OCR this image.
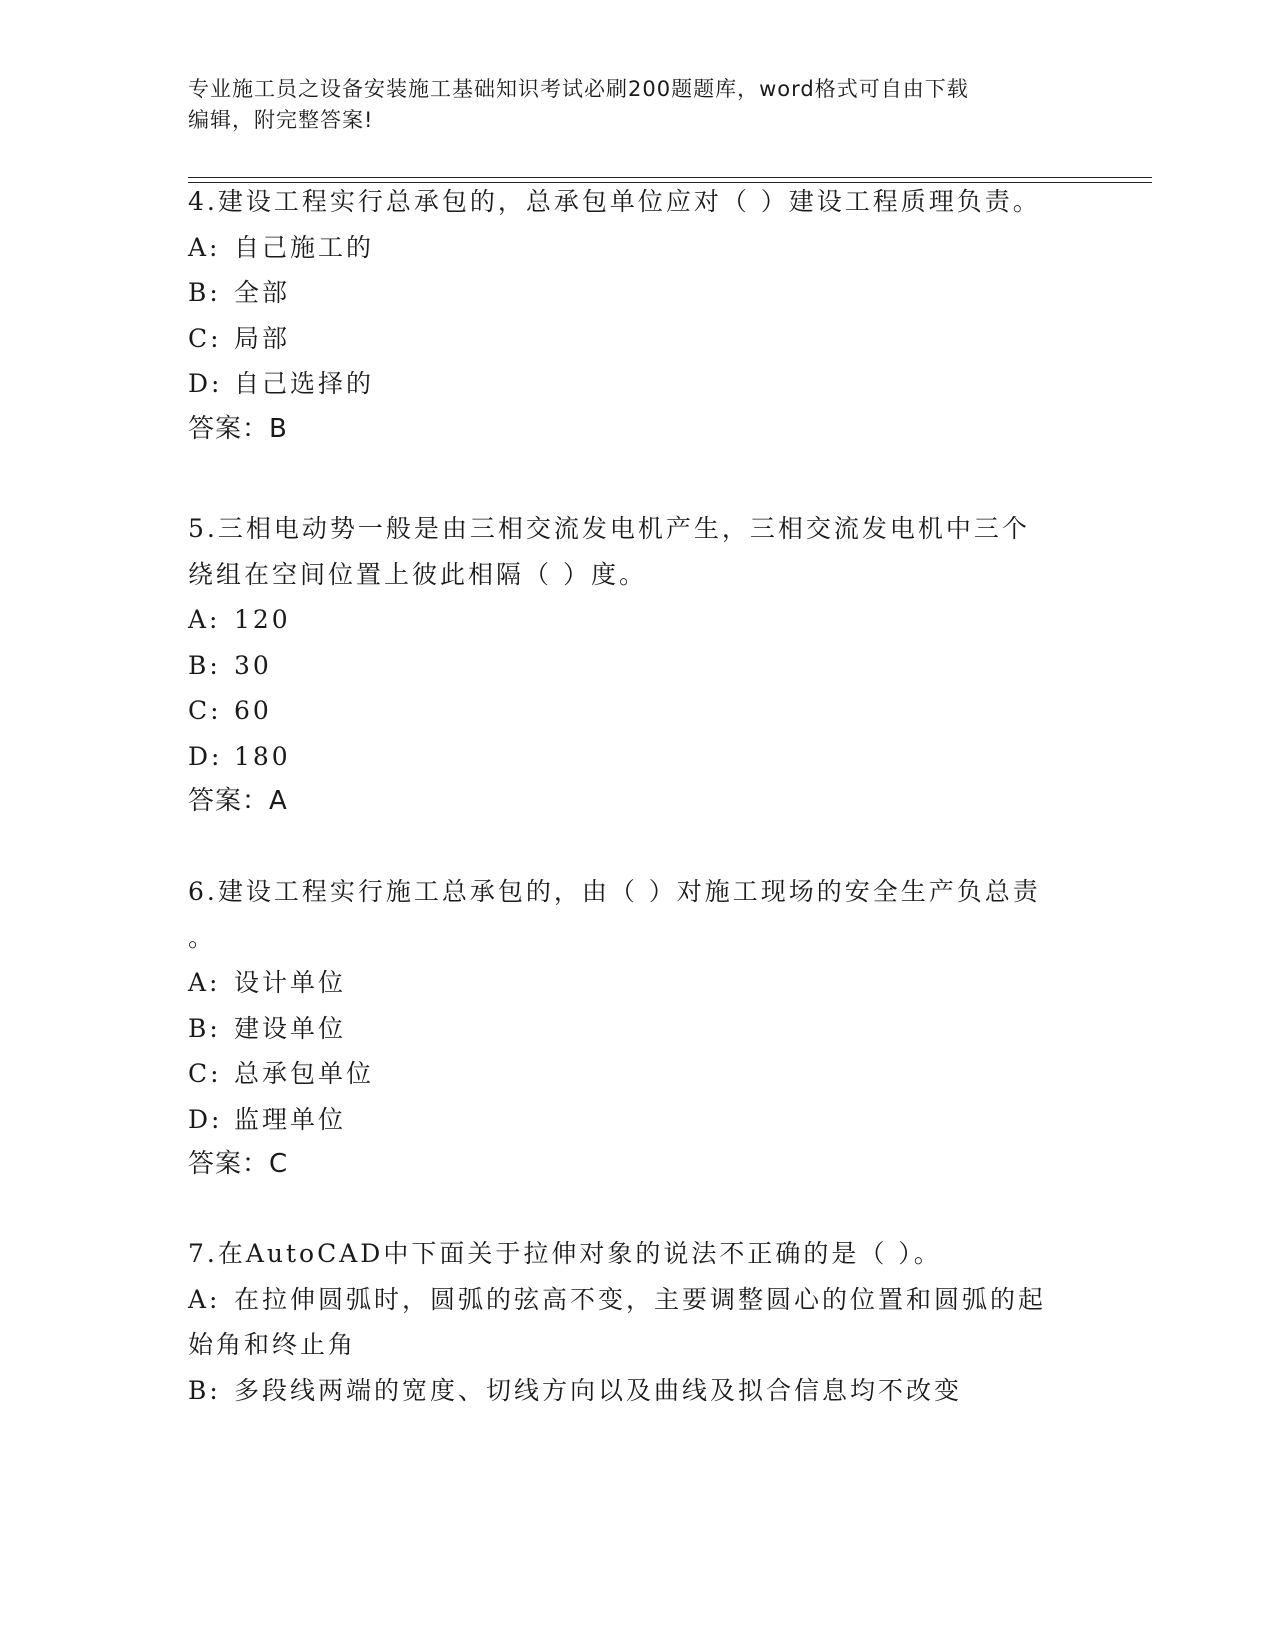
专业施工员之设备安装施工基础知识考试必刷200题题库，word格式可自由下载
编辑，附完整答案!
4.建设工程实行总承包的，总承包单位应对（ ）建设工程质理负责。
A: 自己施工的
B: 全部
C: 局部
D: 自己选择的
答案：B
5.三相电动势一般是由三相交流发电机产生，三相交流发电机中三个
绕组在空间位置上彼此相隔（ ）度。
A: 120
B: 30
C: 60
D: 180
答案：A
6.建设工程实行施工总承包的，由（ ）对施工现场的安全生产负总责
。
A: 设计单位
B: 建设单位
C: 总承包单位
D: 监理单位
答案：C
7.在AutoCAD中下面关于拉伸对象的说法不正确的是（ ）。
A: 在拉伸圆弧时，圆弧的弦高不变，主要调整圆心的位置和圆弧的起
始角和终止角
B: 多段线两端的宽度、切线方向以及曲线及拟合信息均不改变
